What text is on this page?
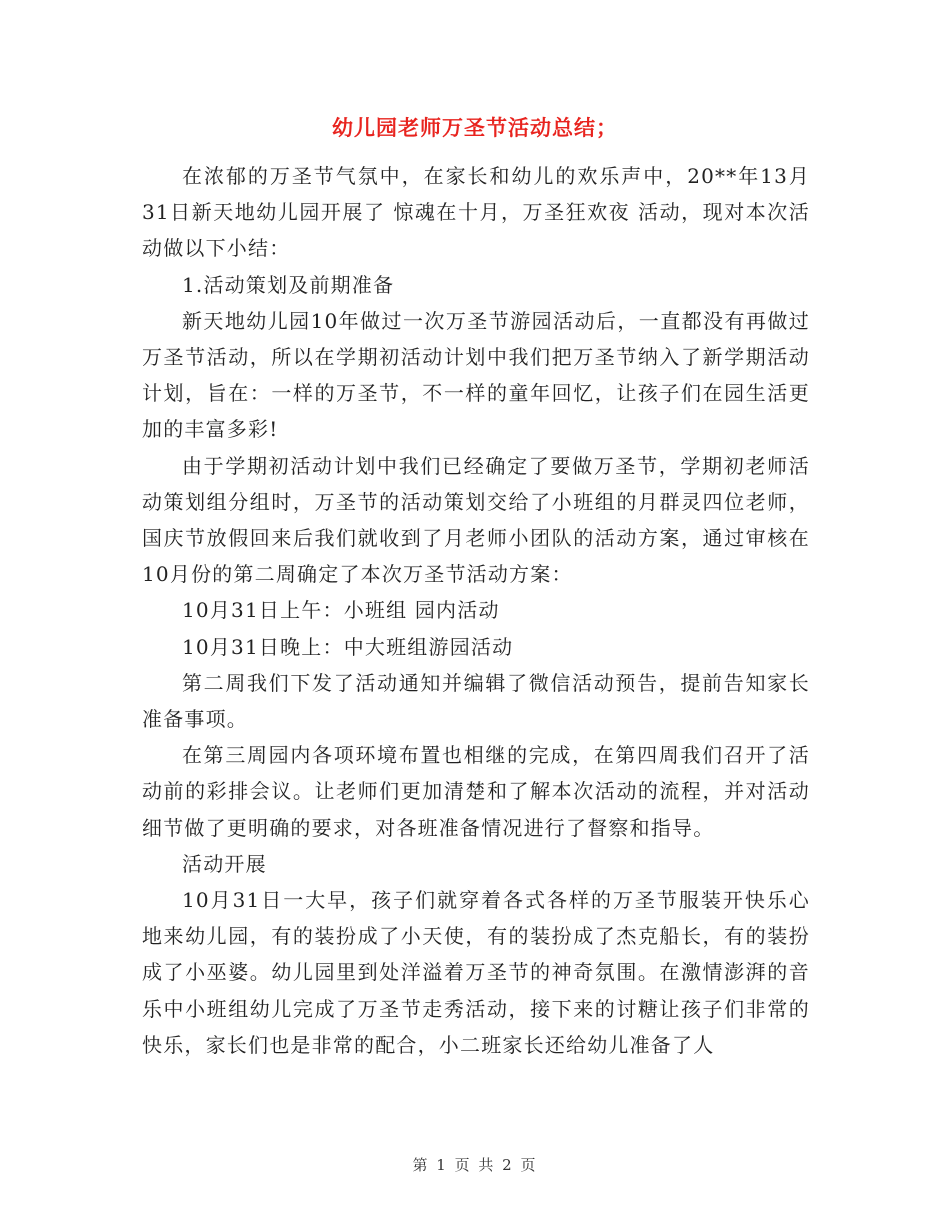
幼儿园老师万圣节活动总结；

在浓郁的万圣节气氛中，在家长和幼儿的欢乐声中，20**年13月31日新天地幼儿园开展了 惊魂在十月，万圣狂欢夜 活动，现对本次活动做以下小结：

1.活动策划及前期准备

新天地幼儿园10年做过一次万圣节游园活动后，一直都没有再做过万圣节活动，所以在学期初活动计划中我们把万圣节纳入了新学期活动计划，旨在：一样的万圣节，不一样的童年回忆，让孩子们在园生活更加的丰富多彩!

由于学期初活动计划中我们已经确定了要做万圣节，学期初老师活动策划组分组时，万圣节的活动策划交给了小班组的月群灵四位老师，国庆节放假回来后我们就收到了月老师小团队的活动方案，通过审核在10月份的第二周确定了本次万圣节活动方案：

10月31日上午：小班组 园内活动

10月31日晚上：中大班组游园活动

第二周我们下发了活动通知并编辑了微信活动预告，提前告知家长准备事项。

在第三周园内各项环境布置也相继的完成，在第四周我们召开了活动前的彩排会议。让老师们更加清楚和了解本次活动的流程，并对活动细节做了更明确的要求，对各班准备情况进行了督察和指导。

活动开展

10月31日一大早，孩子们就穿着各式各样的万圣节服装开快乐心地来幼儿园，有的装扮成了小天使，有的装扮成了杰克船长，有的装扮成了小巫婆。幼儿园里到处洋溢着万圣节的神奇氛围。在激情澎湃的音乐中小班组幼儿完成了万圣节走秀活动，接下来的讨糖让孩子们非常的快乐，家长们也是非常的配合，小二班家长还给幼儿准备了人

第 1 页 共 2 页
